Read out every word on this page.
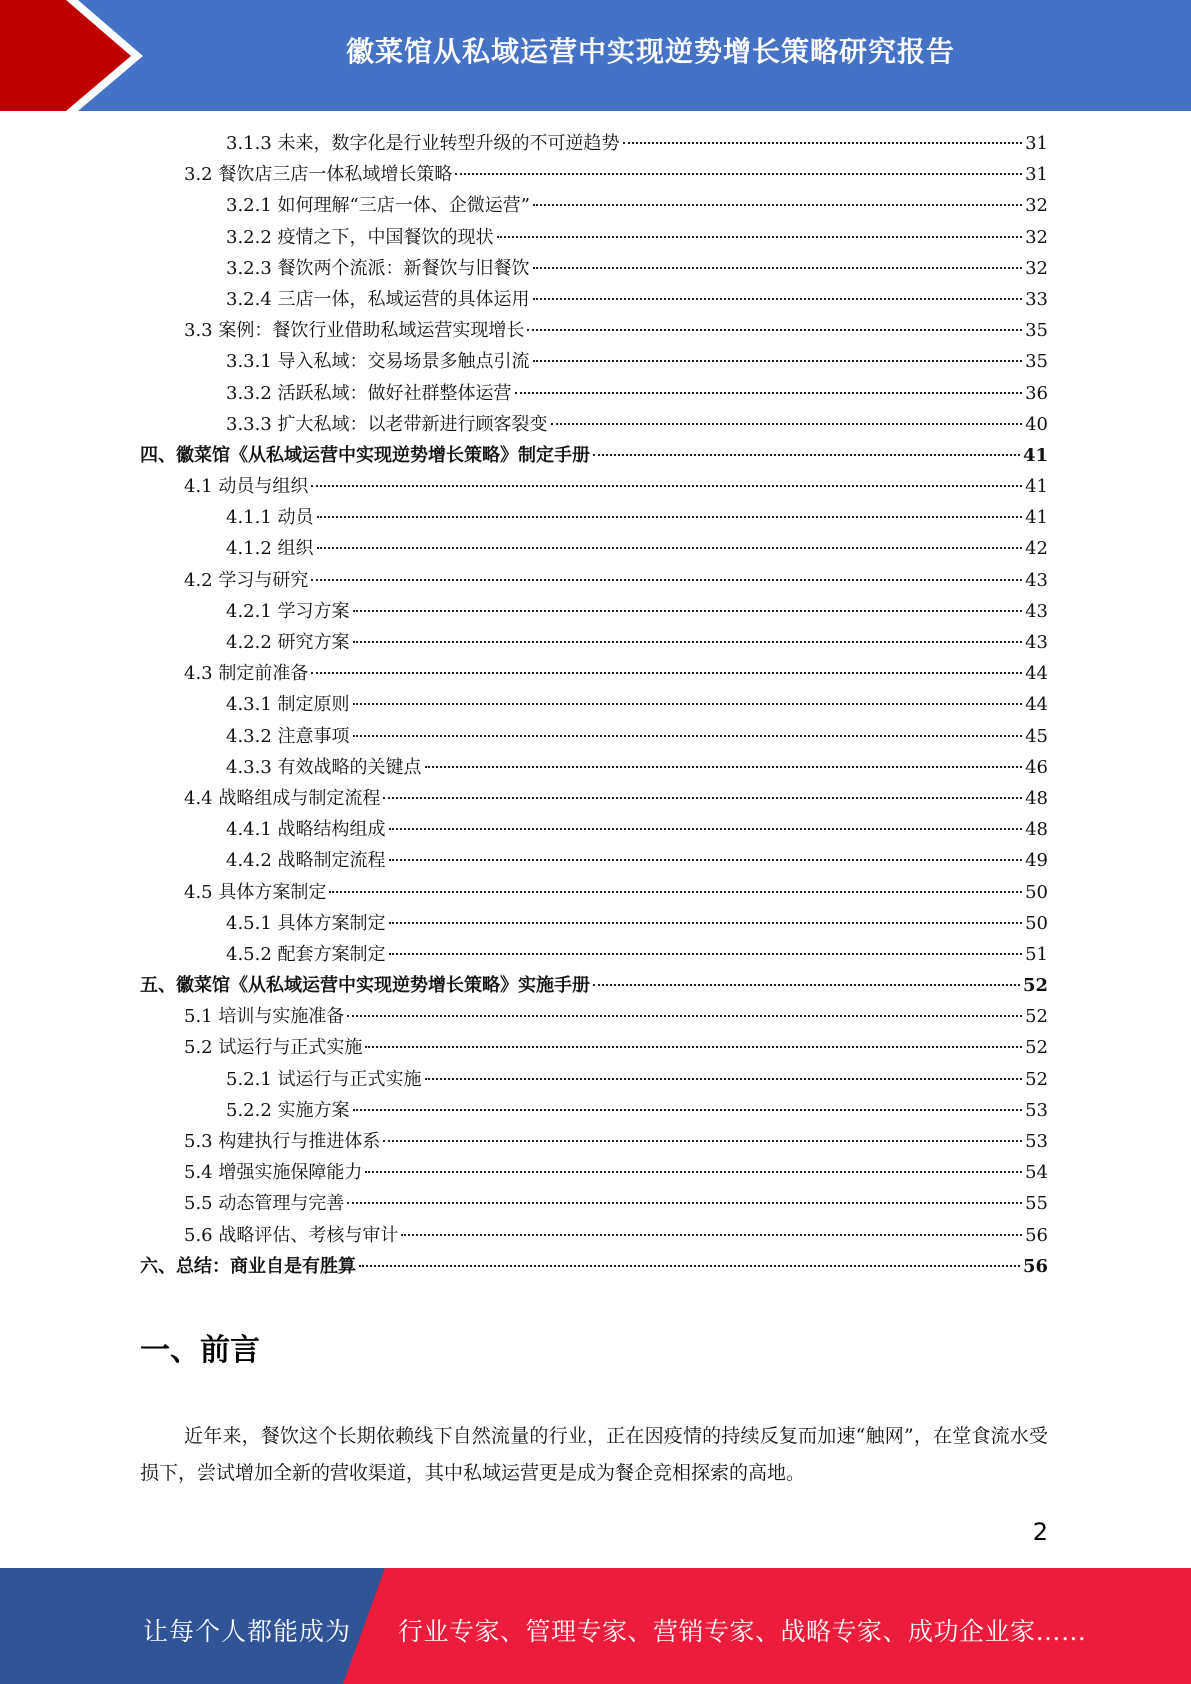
徽菜馆从私域运营中实现逆势增长策略研究报告
3.1.3 未来，数字化是行业转型升级的不可逆趋势	31
3.2 餐饮店三店一体私域增长策略	31
3.2.1 如何理解“三店一体、企微运营”	32
3.2.2 疫情之下，中国餐饮的现状	32
3.2.3 餐饮两个流派：新餐饮与旧餐饮	32
3.2.4 三店一体，私域运营的具体运用	33
3.3 案例：餐饮行业借助私域运营实现增长	35
3.3.1 导入私域：交易场景多触点引流	35
3.3.2 活跃私域：做好社群整体运营	36
3.3.3 扩大私域：以老带新进行顾客裂变	40
四、徽菜馆《从私域运营中实现逆势增长策略》制定手册	41
4.1 动员与组织	41
4.1.1 动员	41
4.1.2 组织	42
4.2 学习与研究	43
4.2.1 学习方案	43
4.2.2 研究方案	43
4.3 制定前准备	44
4.3.1 制定原则	44
4.3.2 注意事项	45
4.3.3 有效战略的关键点	46
4.4 战略组成与制定流程	48
4.4.1 战略结构组成	48
4.4.2 战略制定流程	49
4.5 具体方案制定	50
4.5.1 具体方案制定	50
4.5.2 配套方案制定	51
五、徽菜馆《从私域运营中实现逆势增长策略》实施手册	52
5.1 培训与实施准备	52
5.2 试运行与正式实施	52
5.2.1 试运行与正式实施	52
5.2.2 实施方案	53
5.3 构建执行与推进体系	53
5.4 增强实施保障能力	54
5.5 动态管理与完善	55
5.6 战略评估、考核与审计	56
六、总结：商业自是有胜算	56
一、前言
近年来，餐饮这个长期依赖线下自然流量的行业，正在因疫情的持续反复而加速“触网”，在堂食流水受损下，尝试增加全新的营收渠道，其中私域运营更是成为餐企竞相探索的高地。
2
让每个人都能成为 行业专家、管理专家、营销专家、战略专家、成功企业家……
